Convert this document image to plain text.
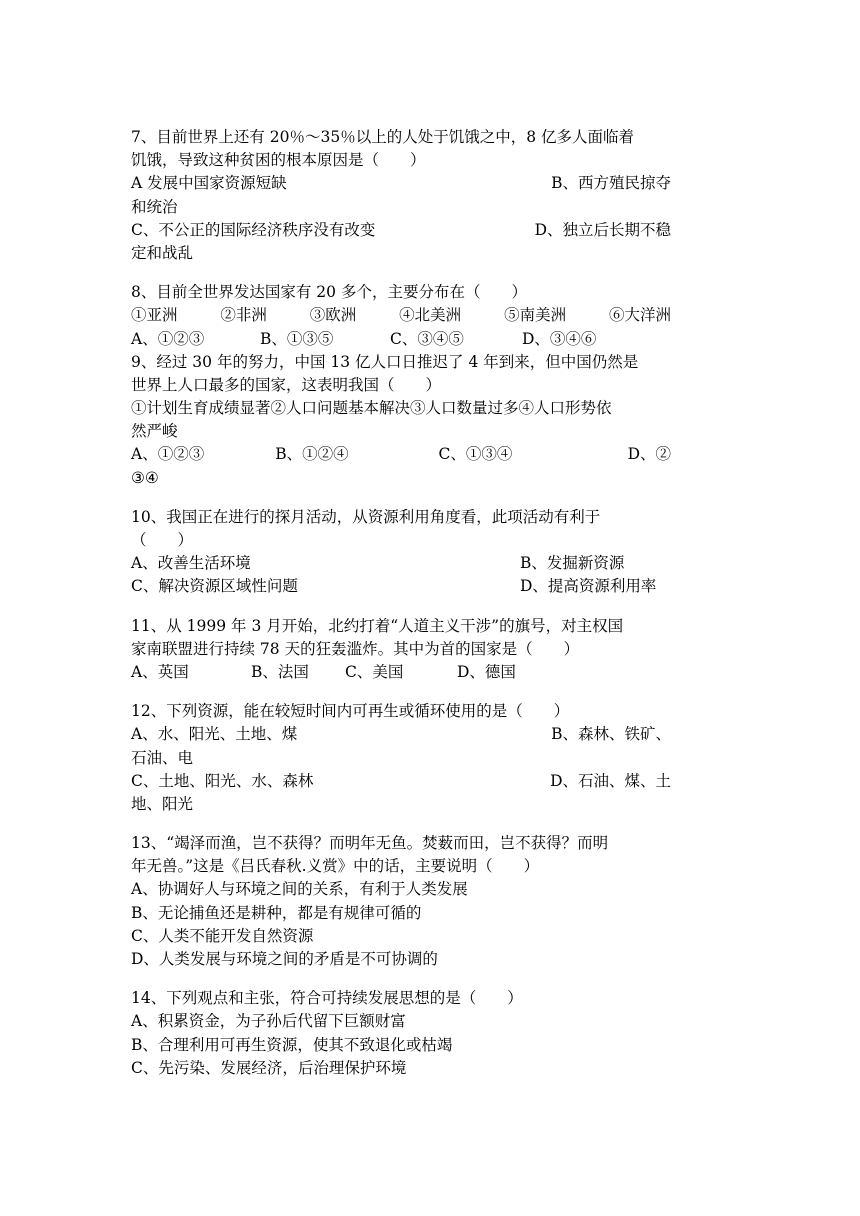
7、目前世界上还有 20％～35％以上的人处于饥饿之中，8 亿多人面临着
饥饿，导致这种贫困的根本原因是（　　）
A 发展中国家资源短缺	B、西方殖民掠夺
和统治
C、不公正的国际经济秩序没有改变	D、独立后长期不稳
定和战乱
8、目前全世界发达国家有 20 多个，主要分布在（　　）
①亚洲	②非洲	③欧洲	④北美洲	⑤南美洲	⑥大洋洲
A、①②③	B、①③⑤	C、③④⑤	D、③④⑥
9、经过 30 年的努力，中国 13 亿人口日推迟了 4 年到来，但中国仍然是
世界上人口最多的国家，这表明我国（　　）
①计划生育成绩显著②人口问题基本解决③人口数量过多④人口形势依
然严峻
A、①②③	B、①②④	C、①③④	D、②
③④
10、我国正在进行的探月活动，从资源利用角度看，此项活动有利于
（　　）
A、改善生活环境	B、发掘新资源
C、解决资源区域性问题	D、提高资源利用率
11、从 1999 年 3 月开始，北约打着“人道主义干涉”的旗号，对主权国
家南联盟进行持续 78 天的狂轰滥炸。其中为首的国家是（　　）
A、英国	B、法国	C、美国	D、德国
12、下列资源，能在较短时间内可再生或循环使用的是（　　）
A、水、阳光、土地、煤	B、森林、铁矿、
石油、电
C、土地、阳光、水、森林	D、石油、煤、土
地、阳光
13、“竭泽而渔，岂不获得？而明年无鱼。焚薮而田，岂不获得？而明
年无兽。”这是《吕氏春秋.义赏》中的话，主要说明（　　）
A、协调好人与环境之间的关系，有利于人类发展
B、无论捕鱼还是耕种，都是有规律可循的
C、人类不能开发自然资源
D、人类发展与环境之间的矛盾是不可协调的
14、下列观点和主张，符合可持续发展思想的是（　　）
A、积累资金，为子孙后代留下巨额财富
B、合理利用可再生资源，使其不致退化或枯竭
C、先污染、发展经济，后治理保护环境
